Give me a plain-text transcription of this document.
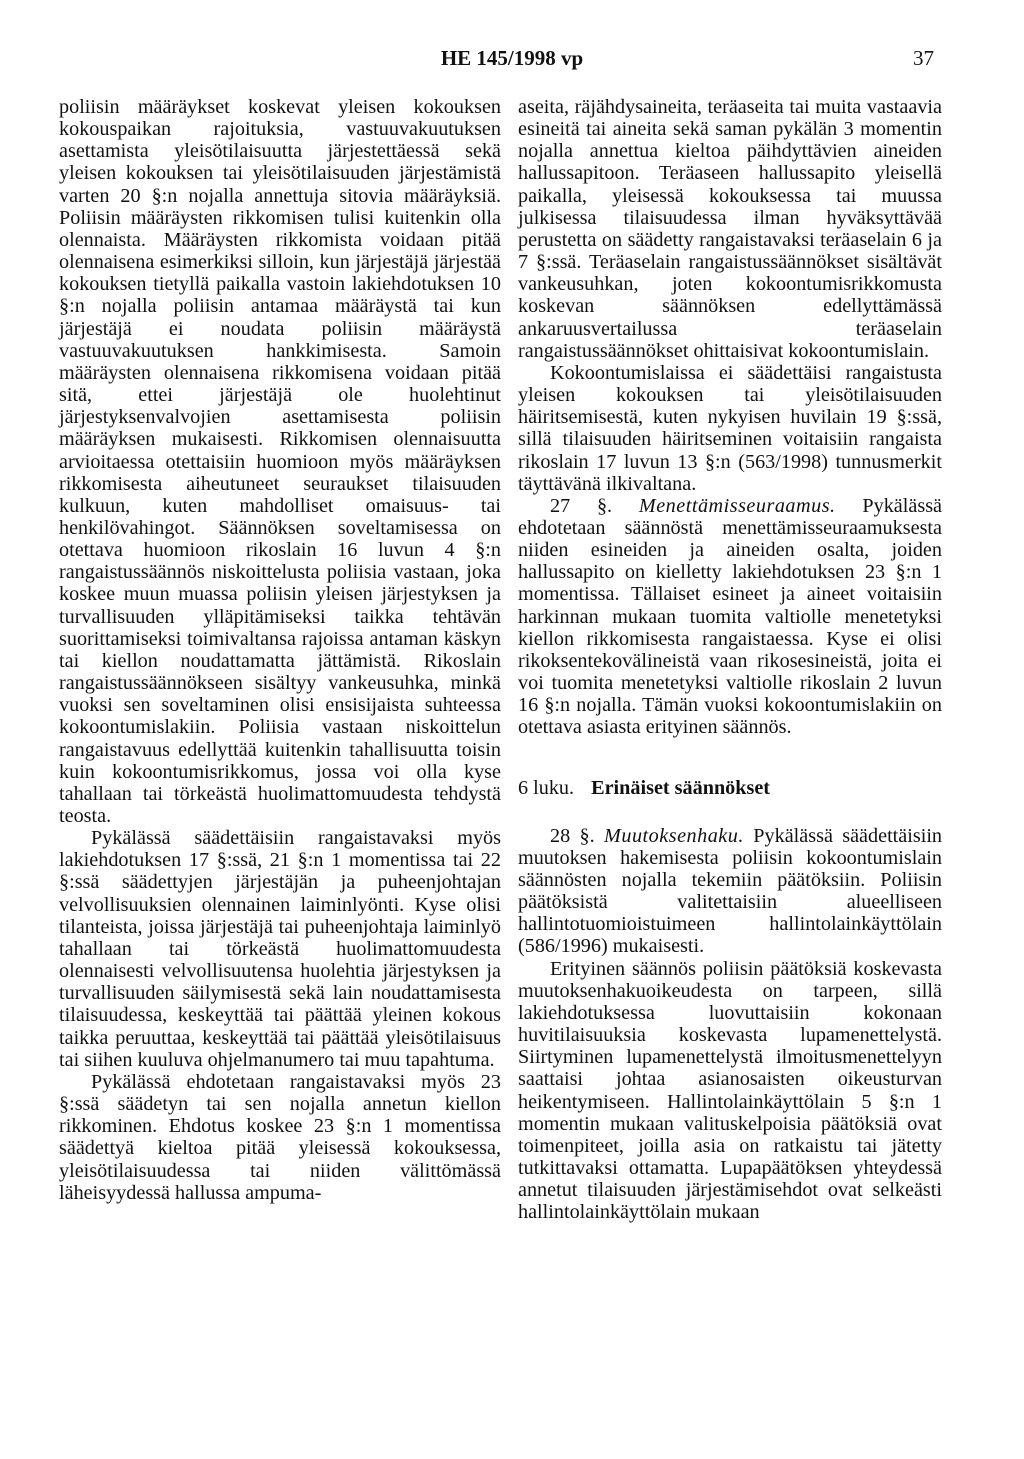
HE 145/1998 vp	37

poliisin määräykset koskevat yleisen kokouksen kokouspaikan rajoituksia, vastuuvakuutuksen asettamista yleisötilaisuutta järjestettäessä sekä yleisen kokouksen tai yleisötilaisuuden järjestämistä varten 20 §:n nojalla annettuja sitovia määräyksiä. Poliisin määräysten rikkomisen tulisi kuitenkin olla olennaista. Määräysten rikkomista voidaan pitää olennaisena esimerkiksi silloin, kun järjestäjä järjestää kokouksen tietyllä paikalla vastoin lakiehdotuksen 10 §:n nojalla poliisin antamaa määräystä tai kun järjestäjä ei noudata poliisin määräystä vastuuvakuutuksen hankkimisesta. Samoin määräysten olennaisena rikkomisena voidaan pitää sitä, ettei järjestäjä ole huolehtinut järjestyksenvalvojien asettamisesta poliisin määräyksen mukaisesti. Rikkomisen olennaisuutta arvioitaessa otettaisiin huomioon myös määräyksen rikkomisesta aiheutuneet seuraukset tilaisuuden kulkuun, kuten mahdolliset omaisuus- tai henkilövahingot. Säännöksen soveltamisessa on otettava huomioon rikoslain 16 luvun 4 §:n rangaistussäännös niskoittelusta poliisia vastaan, joka koskee muun muassa poliisin yleisen järjestyksen ja turvallisuuden ylläpitämiseksi taikka tehtävän suorittamiseksi toimivaltansa rajoissa antaman käskyn tai kiellon noudattamatta jättämistä. Rikoslain rangaistussäännökseen sisältyy vankeusuhka, minkä vuoksi sen soveltaminen olisi ensisijaista suhteessa kokoontumislakiin. Poliisia vastaan niskoittelun rangaistavuus edellyttää kuitenkin tahallisuutta toisin kuin kokoontumisrikkomus, jossa voi olla kyse tahallaan tai törkeästä huolimattomuudesta tehdystä teosta.

Pykälässä säädettäisiin rangaistavaksi myös lakiehdotuksen 17 §:ssä, 21 §:n 1 momentissa tai 22 §:ssä säädettyjen järjestäjän ja puheenjohtajan velvollisuuksien olennainen laiminlyönti. Kyse olisi tilanteista, joissa järjestäjä tai puheenjohtaja laiminlyö tahallaan tai törkeästä huolimattomuudesta olennaisesti velvollisuutensa huolehtia järjestyksen ja turvallisuuden säilymisestä sekä lain noudattamisesta tilaisuudessa, keskeyttää tai päättää yleinen kokous taikka peruuttaa, keskeyttää tai päättää yleisötilaisuus tai siihen kuuluva ohjelmanumero tai muu tapahtuma.

Pykälässä ehdotetaan rangaistavaksi myös 23 §:ssä säädetyn tai sen nojalla annetun kiellon rikkominen. Ehdotus koskee 23 §:n 1 momentissa säädettyä kieltoa pitää yleisessä kokouksessa, yleisötilaisuudessa tai niiden välittömässä läheisyydessä hallussa ampuma-

aseita, räjähdysaineita, teräaseita tai muita vastaavia esineitä tai aineita sekä saman pykälän 3 momentin nojalla annettua kieltoa päihdyttävien aineiden hallussapitoon. Teräaseen hallussapito yleisellä paikalla, yleisessä kokouksessa tai muussa julkisessa tilaisuudessa ilman hyväksyttävää perustetta on säädetty rangaistavaksi teräaselain 6 ja 7 §:ssä. Teräaselain rangaistussäännökset sisältävät vankeusuhkan, joten kokoontumisrikkomusta koskevan säännöksen edellyttämässä ankaruusvertailussa teräaselain rangaistussäännökset ohittaisivat kokoontumislain.

Kokoontumislaissa ei säädettäisi rangaistusta yleisen kokouksen tai yleisötilaisuuden häiritsemisestä, kuten nykyisen huvilain 19 §:ssä, sillä tilaisuuden häiritseminen voitaisiin rangaista rikoslain 17 luvun 13 §:n (563/1998) tunnusmerkit täyttävänä ilkivaltana.

27 §. Menettämisseuraamus. Pykälässä ehdotetaan säännöstä menettämisseuraamuksesta niiden esineiden ja aineiden osalta, joiden hallussapito on kielletty lakiehdotuksen 23 §:n 1 momentissa. Tällaiset esineet ja aineet voitaisiin harkinnan mukaan tuomita valtiolle menetetyksi kiellon rikkomisesta rangaistaessa. Kyse ei olisi rikoksentekovälineistä vaan rikosesineistä, joita ei voi tuomita menetetyksi valtiolle rikoslain 2 luvun 16 §:n nojalla. Tämän vuoksi kokoontumislakiin on otettava asiasta erityinen säännös.

6 luku. Erinäiset säännökset

28 §. Muutoksenhaku. Pykälässä säädettäisiin muutoksen hakemisesta poliisin kokoontumislain säännösten nojalla tekemiin päätöksiin. Poliisin päätöksistä valitettaisiin alueelliseen hallintotuomioistuimeen hallintolainkäyttölain (586/1996) mukaisesti.

Erityinen säännös poliisin päätöksiä koskevasta muutoksenhakuoikeudesta on tarpeen, sillä lakiehdotuksessa luovuttaisiin kokonaan huvitilaisuuksia koskevasta lupamenettelystä. Siirtyminen lupamenettelystä ilmoitusmenettelyyn saattaisi johtaa asianosaisten oikeusturvan heikentymiseen. Hallintolainkäyttölain 5 §:n 1 momentin mukaan valituskelpoisia päätöksiä ovat toimenpiteet, joilla asia on ratkaistu tai jätetty tutkittavaksi ottamatta. Lupapäätöksen yhteydessä annetut tilaisuuden järjestämisehdot ovat selkeästi hallintolainkäyttölain mukaan
